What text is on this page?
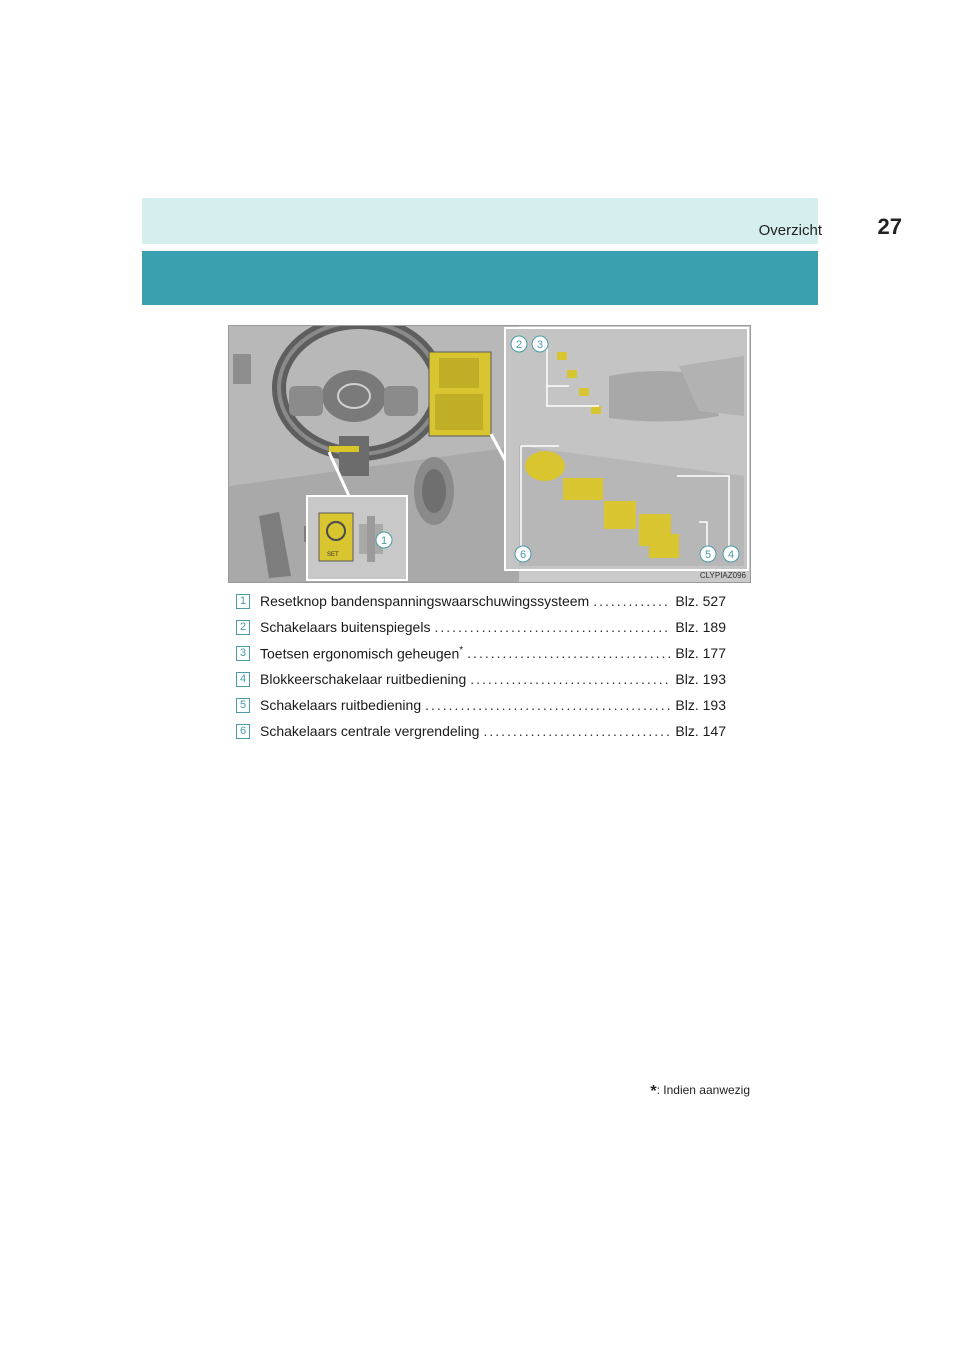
Overzicht	27
2 3
1
6	5 4
SET
CLYPIAZ096
1 Resetknop bandenspanningswaarschuwingssysteem .....	Blz. 527
2 Schakelaars buitenspiegels .....	Blz. 189
3 Toetsen ergonomisch geheugen* .....	Blz. 177
4 Blokkeerschakelaar ruitbediening .....	Blz. 193
5 Schakelaars ruitbediening .....	Blz. 193
6 Schakelaars centrale vergrendeling .....	Blz. 147
*: Indien aanwezig
